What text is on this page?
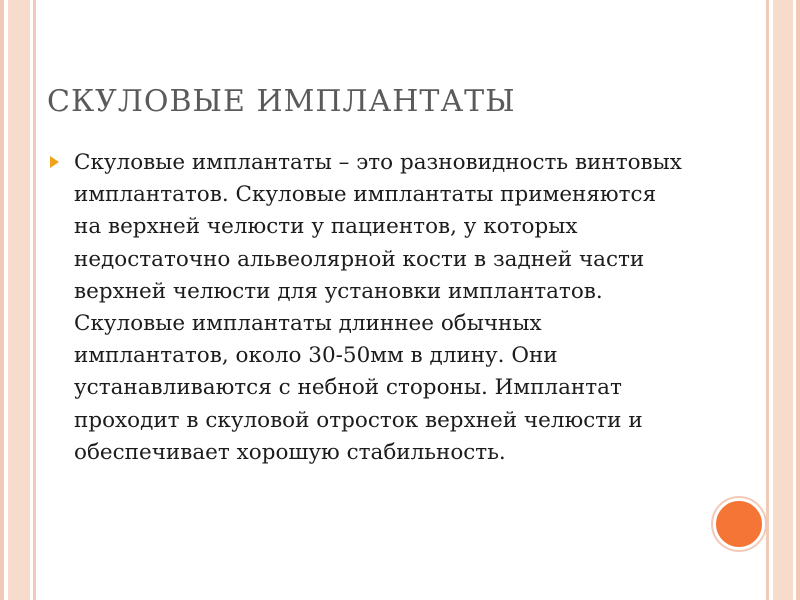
СКУЛОВЫЕ ИМПЛАНТАТЫ

Скуловые имплантаты – это разновидность винтовых имплантатов. Скуловые имплантаты применяются на верхней челюсти у пациентов, у которых недостаточно альвеолярной кости в задней части верхней челюсти для установки имплантатов. Скуловые имплантаты длиннее обычных имплантатов, около 30-50мм в длину. Они устанавливаются с небной стороны. Имплантат проходит в скуловой отросток верхней челюсти и обеспечивает хорошую стабильность.
